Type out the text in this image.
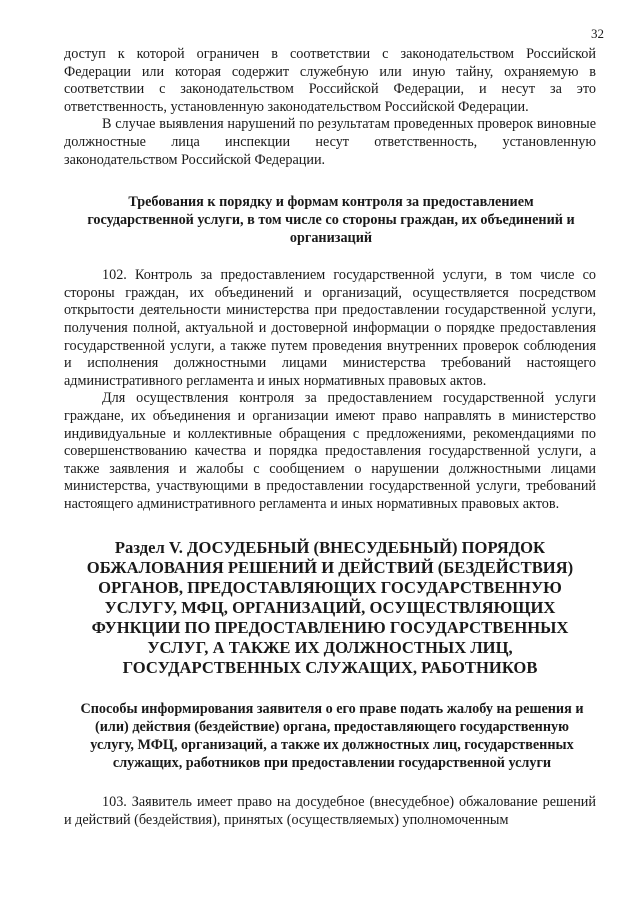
32

доступ к которой ограничен в соответствии с законодательством Российской Федерации или которая содержит служебную или иную тайну, охраняемую в соответствии с законодательством Российской Федерации, и несут за это ответственность, установленную законодательством Российской Федерации.

В случае выявления нарушений по результатам проведенных проверок виновные должностные лица инспекции несут ответственность, установленную законодательством Российской Федерации.

Требования к порядку и формам контроля за предоставлением государственной услуги, в том числе со стороны граждан, их объединений и организаций

102. Контроль за предоставлением государственной услуги, в том числе со стороны граждан, их объединений и организаций, осуществляется посредством открытости деятельности министерства при предоставлении государственной услуги, получения полной, актуальной и достоверной информации о порядке предоставления государственной услуги, а также путем проведения внутренних проверок соблюдения и исполнения должностными лицами министерства требований настоящего административного регламента и иных нормативных правовых актов.

Для осуществления контроля за предоставлением государственной услуги граждане, их объединения и организации имеют право направлять в министерство индивидуальные и коллективные обращения с предложениями, рекомендациями по совершенствованию качества и порядка предоставления государственной услуги, а также заявления и жалобы с сообщением о нарушении должностными лицами министерства, участвующими в предоставлении государственной услуги, требований настоящего административного регламента и иных нормативных правовых актов.

Раздел V. ДОСУДЕБНЫЙ (ВНЕСУДЕБНЫЙ) ПОРЯДОК ОБЖАЛОВАНИЯ РЕШЕНИЙ И ДЕЙСТВИЙ (БЕЗДЕЙСТВИЯ) ОРГАНОВ, ПРЕДОСТАВЛЯЮЩИХ ГОСУДАРСТВЕННУЮ УСЛУГУ, МФЦ, ОРГАНИЗАЦИЙ, ОСУЩЕСТВЛЯЮЩИХ ФУНКЦИИ ПО ПРЕДОСТАВЛЕНИЮ ГОСУДАРСТВЕННЫХ УСЛУГ, А ТАКЖЕ ИХ ДОЛЖНОСТНЫХ ЛИЦ, ГОСУДАРСТВЕННЫХ СЛУЖАЩИХ, РАБОТНИКОВ
Способы информирования заявителя о его праве подать жалобу на решения и (или) действия (бездействие) органа, предоставляющего государственную услугу, МФЦ, организаций, а также их должностных лиц, государственных служащих, работников при предоставлении государственной услуги

103. Заявитель имеет право на досудебное (внесудебное) обжалование решений и действий (бездействия), принятых (осуществляемых) уполномоченным
